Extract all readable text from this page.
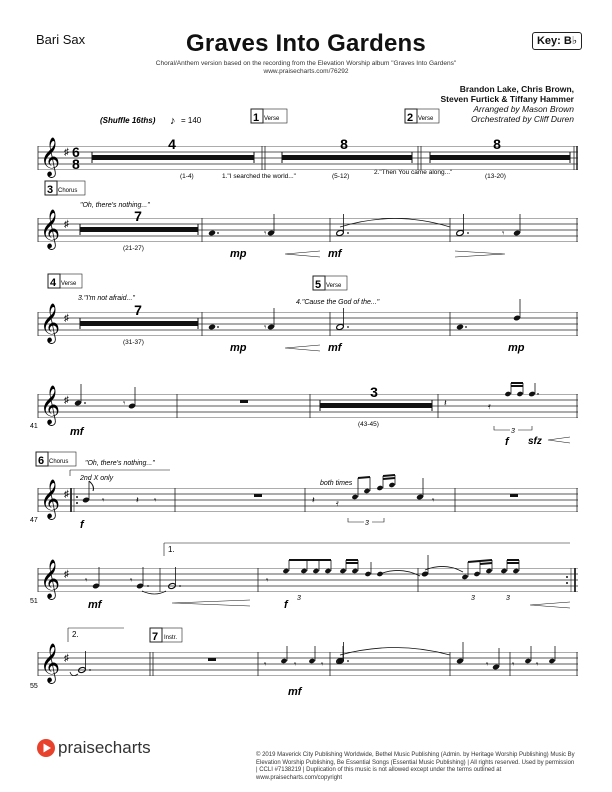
Bari Sax	Graves Into Gardens
Choral/Anthem version based on the recording from the Elevation Worship album "Graves Into Gardens"
www.praisecharts.com/76292
Key: B♭
Brandon Lake, Chris Brown,
Steven Furtick & Tiffany Hammer
Arranged by Mason Brown
Orchestrated by Cliff Duren
(Shuffle 16ths) ♪ = 140	1 Verse	2 Verse
𝄞 ♯ 6
8
4
(1-4)
8
1."I searched the world..."	(5-12)
8
2."Then You came along..."
(13-20)
3 Chorus
"Oh, there's nothing..."
𝄞 ♯
7
(21-27)
𝄾	𝄾
mp	mf
4 Verse	5 Verse
3."I'm not afraid..."
4."Cause the God of the..."
𝄞 ♯
7
(31-37)
𝄾
mp	mf	mp
𝄞 ♯
41
𝄾
3
(43-45)
𝄽	𝄿
3
mf
f sfz
6 Chorus "Oh, there's nothing..."
2nd X only
both times
𝄞 ♯
47
𝄾	𝄽 𝄾	𝄽 𝄿	𝄾
3
f
1.
𝄞 ♯
51
𝄾	𝄾	𝄾
3	3	3
mf	f
2.	7 Instr.
𝄞 ♯
55
𝄾	𝄾	𝄾	𝄾	𝄾 𝄾
mf
praisecharts	© 2019 Maverick City Publishing Worldwide, Bethel Music Publishing (Admin. by Heritage Worship Publishing) Music By Elevation Worship Publishing, Be Essential Songs (Essential Music Publishing) | All rights reserved. Used by permission | CCLI #7138219 | Duplication of this music is not allowed except under the terms outlined at www.praisecharts.com/copyright
